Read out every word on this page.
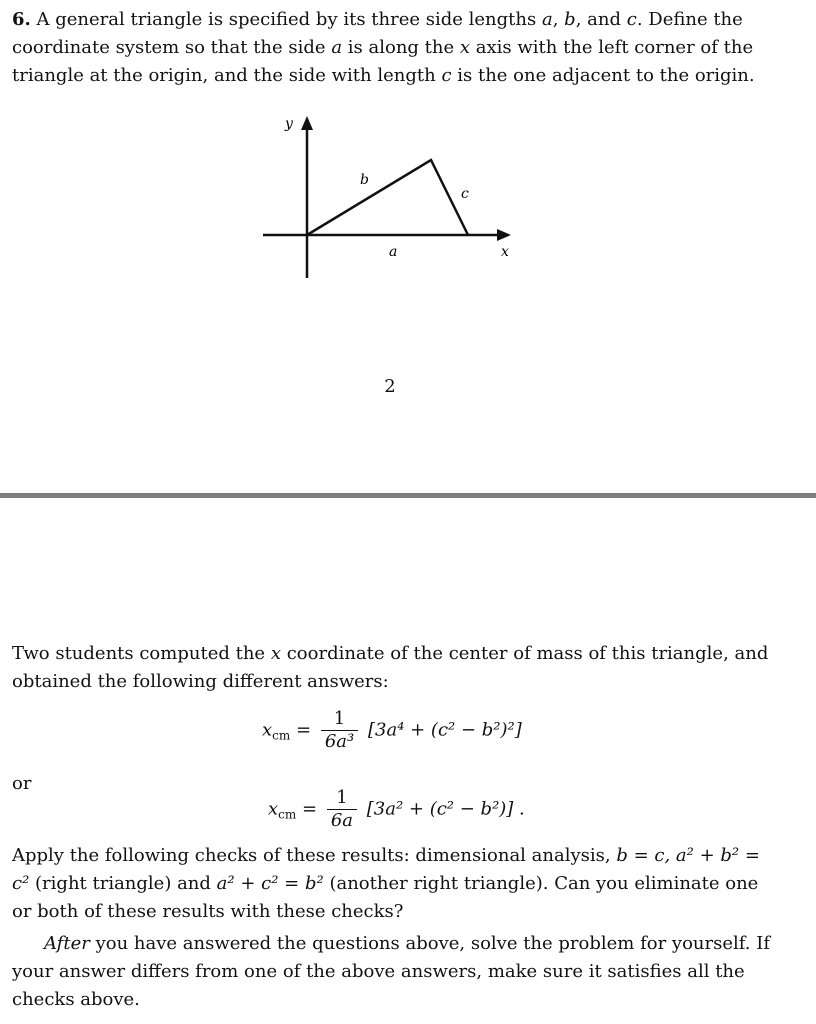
6. A general triangle is specified by its three side lengths a, b, and c. Define the coordinate system so that the side a is along the x axis with the left corner of the triangle at the origin, and the side with length c is the one adjacent to the origin.

y
b
c
a	x
2

Two students computed the x coordinate of the center of mass of this triangle, and obtained the following different answers:

$x_{cm} = \frac{1}{\text{6a³}} [3a^4 + (c^2 - b^2)^2]$
or
$x_{cm} = \frac{1}{6a} [3a^2 + (c^2 - b^2)]$ .

Apply the following checks of these results: dimensional analysis, b = c, a² + b² = c² (right triangle) and a² + c² = b² (another right triangle). Can you eliminate one or both of these results with these checks?

After you have answered the questions above, solve the problem for yourself. If your answer differs from one of the above answers, make sure it satisfies all the checks above.
